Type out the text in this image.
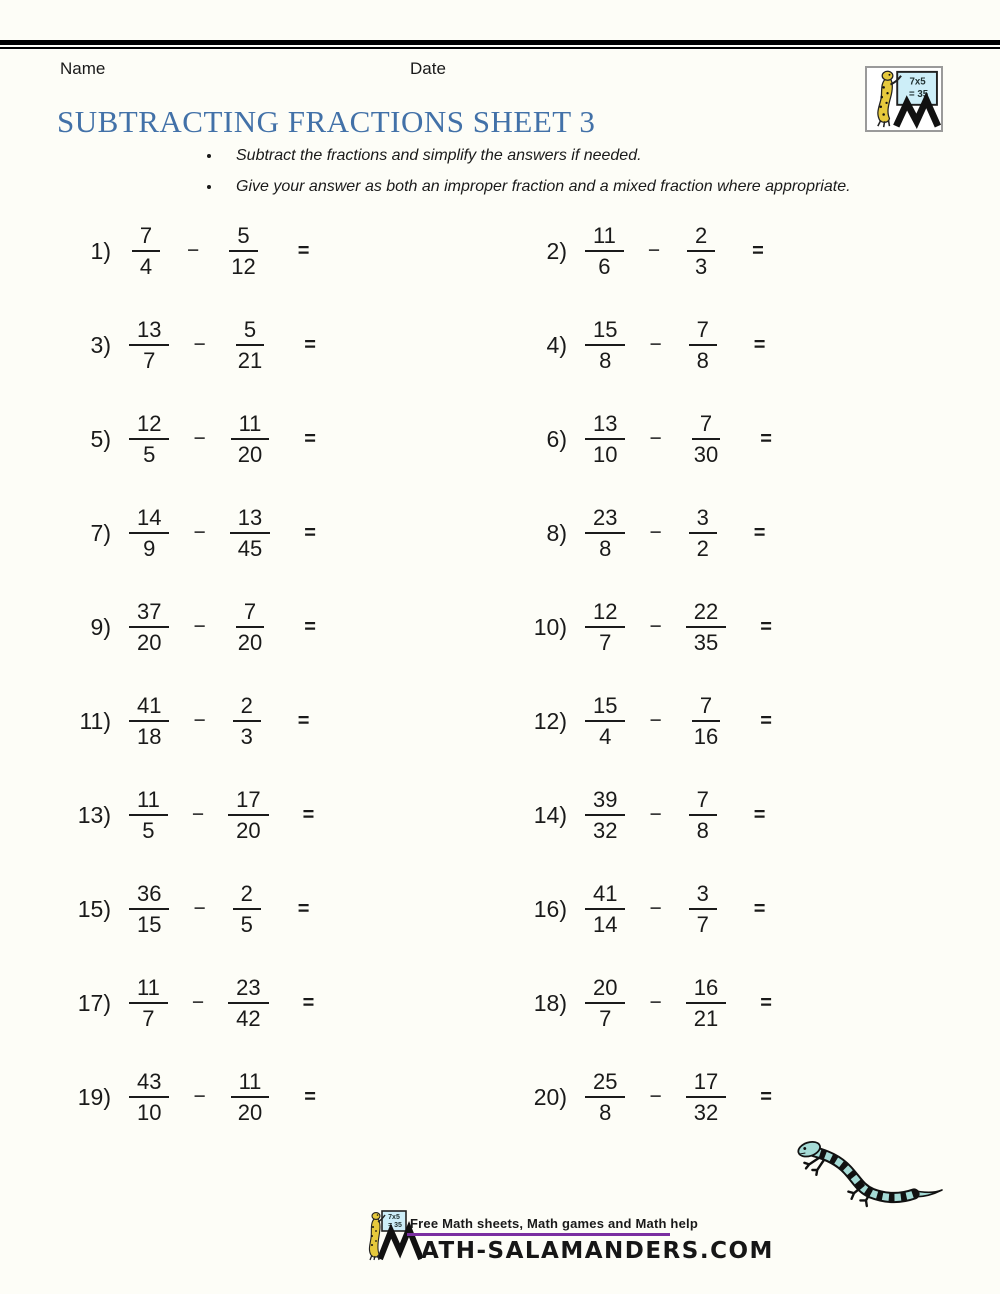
Name	Date
7x5
= 35
SUBTRACTING FRACTIONS SHEET 3
• Subtract the fractions and simplify the answers if needed.
• Give your answer as both an improper fraction and a mixed fraction where appropriate.
$1) \frac{7}{4} - \frac{5}{12}$ =	$2) \frac{11}{6} - \frac{2}{3}$ =
$3) \frac{13}{7} - \frac{5}{21}$ =	$4) \frac{15}{8} - \frac{7}{8}$ =
$5) \frac{12}{5} - \frac{11}{20}$ =	$6) \frac{13}{10} - \frac{7}{30}$ =
$7) \frac{14}{9} - \frac{13}{45}$ =	$8) \frac{23}{8} - \frac{3}{2}$ =
$9) \frac{37}{20} - \frac{7}{20}$ =	$10) \frac{12}{7} - \frac{22}{35}$ =
$11) \frac{41}{18} - \frac{2}{3}$ =	$12) \frac{15}{4} - \frac{7}{16}$ =
$13) \frac{11}{5} - \frac{17}{20}$ =	$14) \frac{39}{32} - \frac{7}{8}$ =
$15) \frac{36}{15} - \frac{2}{5}$ =	$16) \frac{41}{14} - \frac{3}{7}$ =
$17) \frac{11}{7} - \frac{23}{42}$ =	$18) \frac{20}{7} - \frac{16}{21}$ =
$19) \frac{43}{10} - \frac{11}{20}$ =	$20) \frac{25}{8} - \frac{17}{32}$ =
7x5
= 35 Free Math sheets, Math games and Math help
ATH-SALAMANDERS.COM
